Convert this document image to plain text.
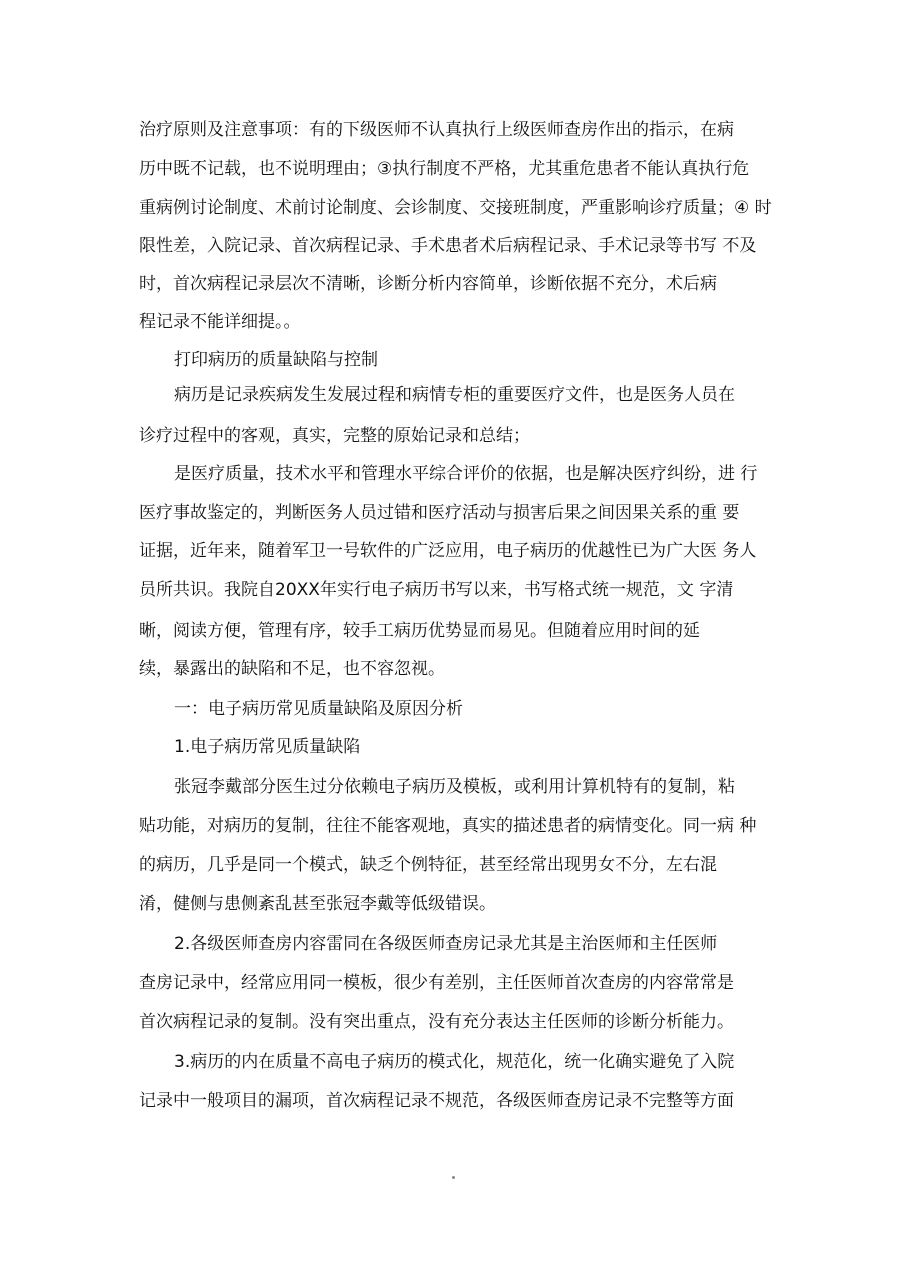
治疗原则及注意事项：有的下级医师不认真执行上级医师查房作出的指示，在病
历中既不记载，也不说明理由；③执行制度不严格，尤其重危患者不能认真执行危
重病例讨论制度、术前讨论制度、会诊制度、交接班制度，严重影响诊疗质量；④ 时
限性差，入院记录、首次病程记录、手术患者术后病程记录、手术记录等书写 不及
时，首次病程记录层次不清晰，诊断分析内容简单，诊断依据不充分，术后病
程记录不能详细提。。
打印病历的质量缺陷与控制
病历是记录疾病发生发展过程和病情专柜的重要医疗文件，也是医务人员在
诊疗过程中的客观，真实，完整的原始记录和总结；
是医疗质量，技术水平和管理水平综合评价的依据，也是解决医疗纠纷，进 行
医疗事故鉴定的，判断医务人员过错和医疗活动与损害后果之间因果关系的重 要
证据，近年来，随着军卫一号软件的广泛应用，电子病历的优越性已为广大医 务人
员所共识。我院自20XX年实行电子病历书写以来，书写格式统一规范，文 字清
晰，阅读方便，管理有序，较手工病历优势显而易见。但随着应用时间的延
续，暴露出的缺陷和不足，也不容忽视。
一：电子病历常见质量缺陷及原因分析
1.电子病历常见质量缺陷
张冠李戴部分医生过分依赖电子病历及模板，或利用计算机特有的复制，粘
贴功能，对病历的复制，往往不能客观地，真实的描述患者的病情变化。同一病 种
的病历，几乎是同一个模式，缺乏个例特征，甚至经常出现男女不分，左右混
淆，健侧与患侧紊乱甚至张冠李戴等低级错误。
2.各级医师查房内容雷同在各级医师查房记录尤其是主治医师和主任医师
查房记录中，经常应用同一模板，很少有差别，主任医师首次查房的内容常常是
首次病程记录的复制。没有突出重点，没有充分表达主任医师的诊断分析能力。
3.病历的内在质量不高电子病历的模式化，规范化，统一化确实避免了入院
记录中一般项目的漏项，首次病程记录不规范，各级医师查房记录不完整等方面
